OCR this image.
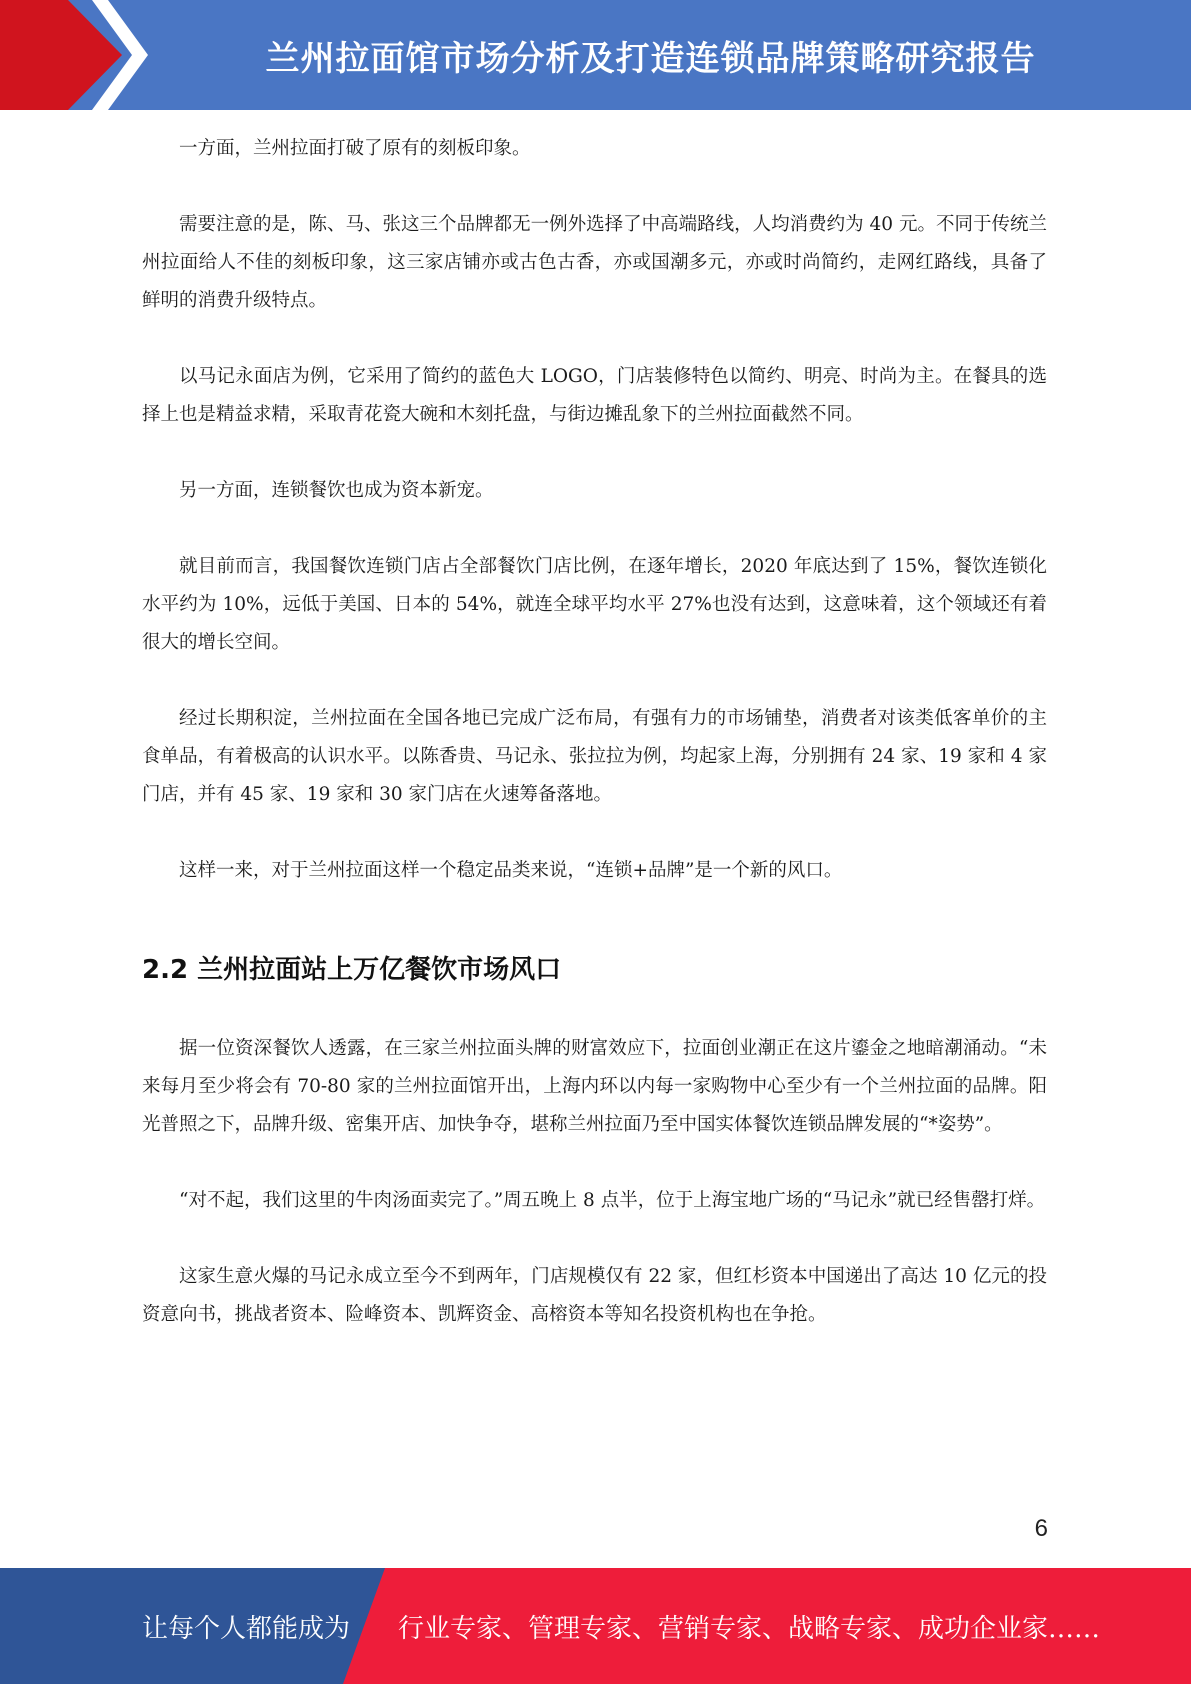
兰州拉面馆市场分析及打造连锁品牌策略研究报告

一方面，兰州拉面打破了原有的刻板印象。

需要注意的是，陈、马、张这三个品牌都无一例外选择了中高端路线，人均消费约为 40 元。不同于传统兰州拉面给人不佳的刻板印象，这三家店铺亦或古色古香，亦或国潮多元，亦或时尚简约，走网红路线，具备了鲜明的消费升级特点。

以马记永面店为例，它采用了简约的蓝色大 LOGO，门店装修特色以简约、明亮、时尚为主。在餐具的选择上也是精益求精，采取青花瓷大碗和木刻托盘，与街边摊乱象下的兰州拉面截然不同。

另一方面，连锁餐饮也成为资本新宠。

就目前而言，我国餐饮连锁门店占全部餐饮门店比例，在逐年增长，2020 年底达到了 15%，餐饮连锁化水平约为 10%，远低于美国、日本的 54%，就连全球平均水平 27%也没有达到，这意味着，这个领域还有着很大的增长空间。

经过长期积淀，兰州拉面在全国各地已完成广泛布局，有强有力的市场铺垫，消费者对该类低客单价的主食单品，有着极高的认识水平。以陈香贵、马记永、张拉拉为例，均起家上海，分别拥有 24 家、19 家和 4 家门店，并有 45 家、19 家和 30 家门店在火速筹备落地。

这样一来，对于兰州拉面这样一个稳定品类来说，“连锁+品牌”是一个新的风口。

2.2 兰州拉面站上万亿餐饮市场风口

据一位资深餐饮人透露，在三家兰州拉面头牌的财富效应下，拉面创业潮正在这片鎏金之地暗潮涌动。“未来每月至少将会有 70-80 家的兰州拉面馆开出，上海内环以内每一家购物中心至少有一个兰州拉面的品牌。阳光普照之下，品牌升级、密集开店、加快争夺，堪称兰州拉面乃至中国实体餐饮连锁品牌发展的“*姿势”。

“对不起，我们这里的牛肉汤面卖完了。”周五晚上 8 点半，位于上海宝地广场的“马记永”就已经售罄打烊。

这家生意火爆的马记永成立至今不到两年，门店规模仅有 22 家，但红杉资本中国递出了高达 10 亿元的投资意向书，挑战者资本、险峰资本、凯辉资金、高榕资本等知名投资机构也在争抢。

6
让每个人都能成为 行业专家、管理专家、营销专家、战略专家、成功企业家……
